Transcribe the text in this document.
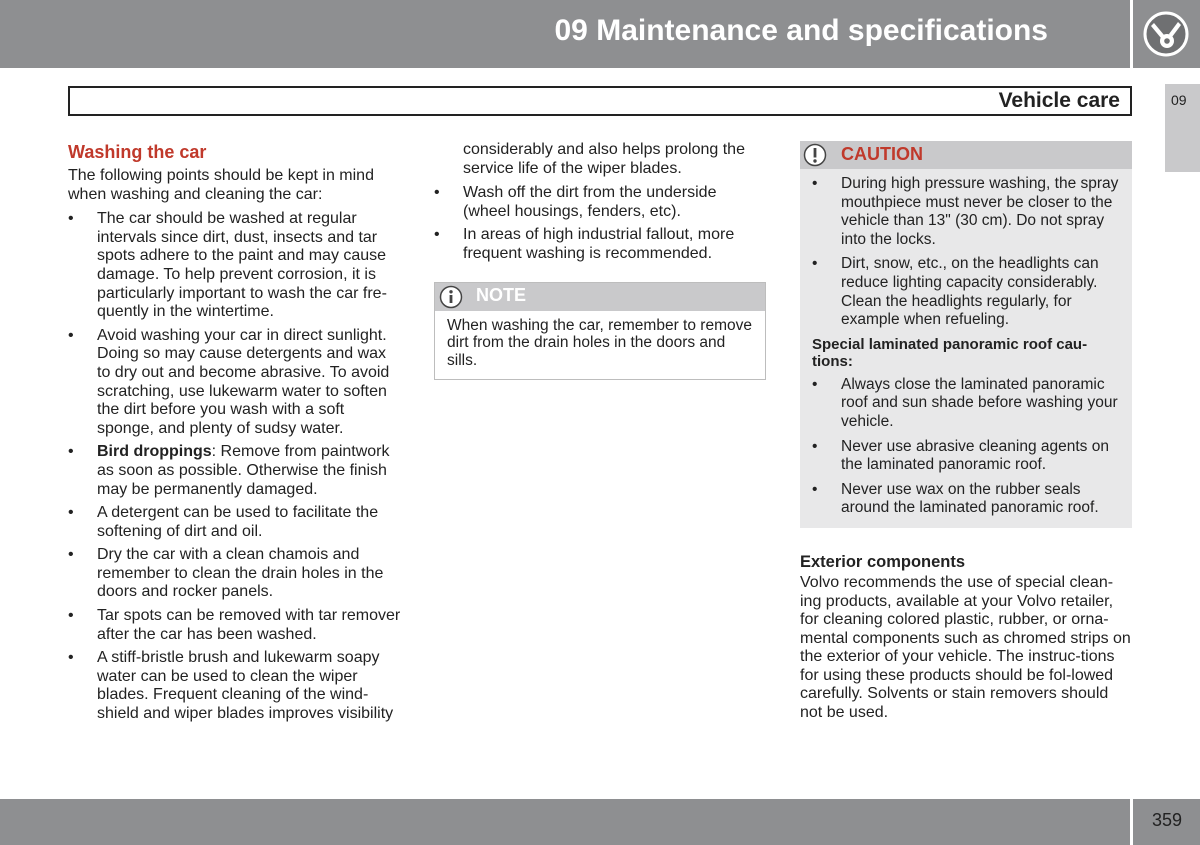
09 Maintenance and specifications
Vehicle care	09
Washing the car

The following points should be kept in mind when washing and cleaning the car:

• The car should be washed at regular intervals since dirt, dust, insects and tar spots adhere to the paint and may cause damage. To help prevent corrosion, it is particularly important to wash the car fre-quently in the wintertime.
• Avoid washing your car in direct sunlight. Doing so may cause detergents and wax to dry out and become abrasive. To avoid scratching, use lukewarm water to soften the dirt before you wash with a soft sponge, and plenty of sudsy water.
• Bird droppings: Remove from paintwork as soon as possible. Otherwise the finish may be permanently damaged.
• A detergent can be used to facilitate the softening of dirt and oil.
• Dry the car with a clean chamois and remember to clean the drain holes in the doors and rocker panels.
• Tar spots can be removed with tar remover after the car has been washed.
• A stiff-bristle brush and lukewarm soapy water can be used to clean the wiper blades. Frequent cleaning of the wind-shield and wiper blades improves visibility

considerably and also helps prolong the service life of the wiper blades.

• Wash off the dirt from the underside (wheel housings, fenders, etc).
• In areas of high industrial fallout, more frequent washing is recommended.
NOTE
When washing the car, remember to remove dirt from the drain holes in the doors and sills.
CAUTION
• During high pressure washing, the spray mouthpiece must never be closer to the vehicle than 13" (30 cm). Do not spray into the locks.
• Dirt, snow, etc., on the headlights can reduce lighting capacity considerably. Clean the headlights regularly, for example when refueling.

Special laminated panoramic roof cau-tions:

• Always close the laminated panoramic roof and sun shade before washing your vehicle.
• Never use abrasive cleaning agents on the laminated panoramic roof.
• Never use wax on the rubber seals around the laminated panoramic roof.
Exterior components

Volvo recommends the use of special clean-ing products, available at your Volvo retailer, for cleaning colored plastic, rubber, or orna-mental components such as chromed strips on the exterior of your vehicle. The instruc-tions for using these products should be fol-lowed carefully. Solvents or stain removers should not be used.

359
